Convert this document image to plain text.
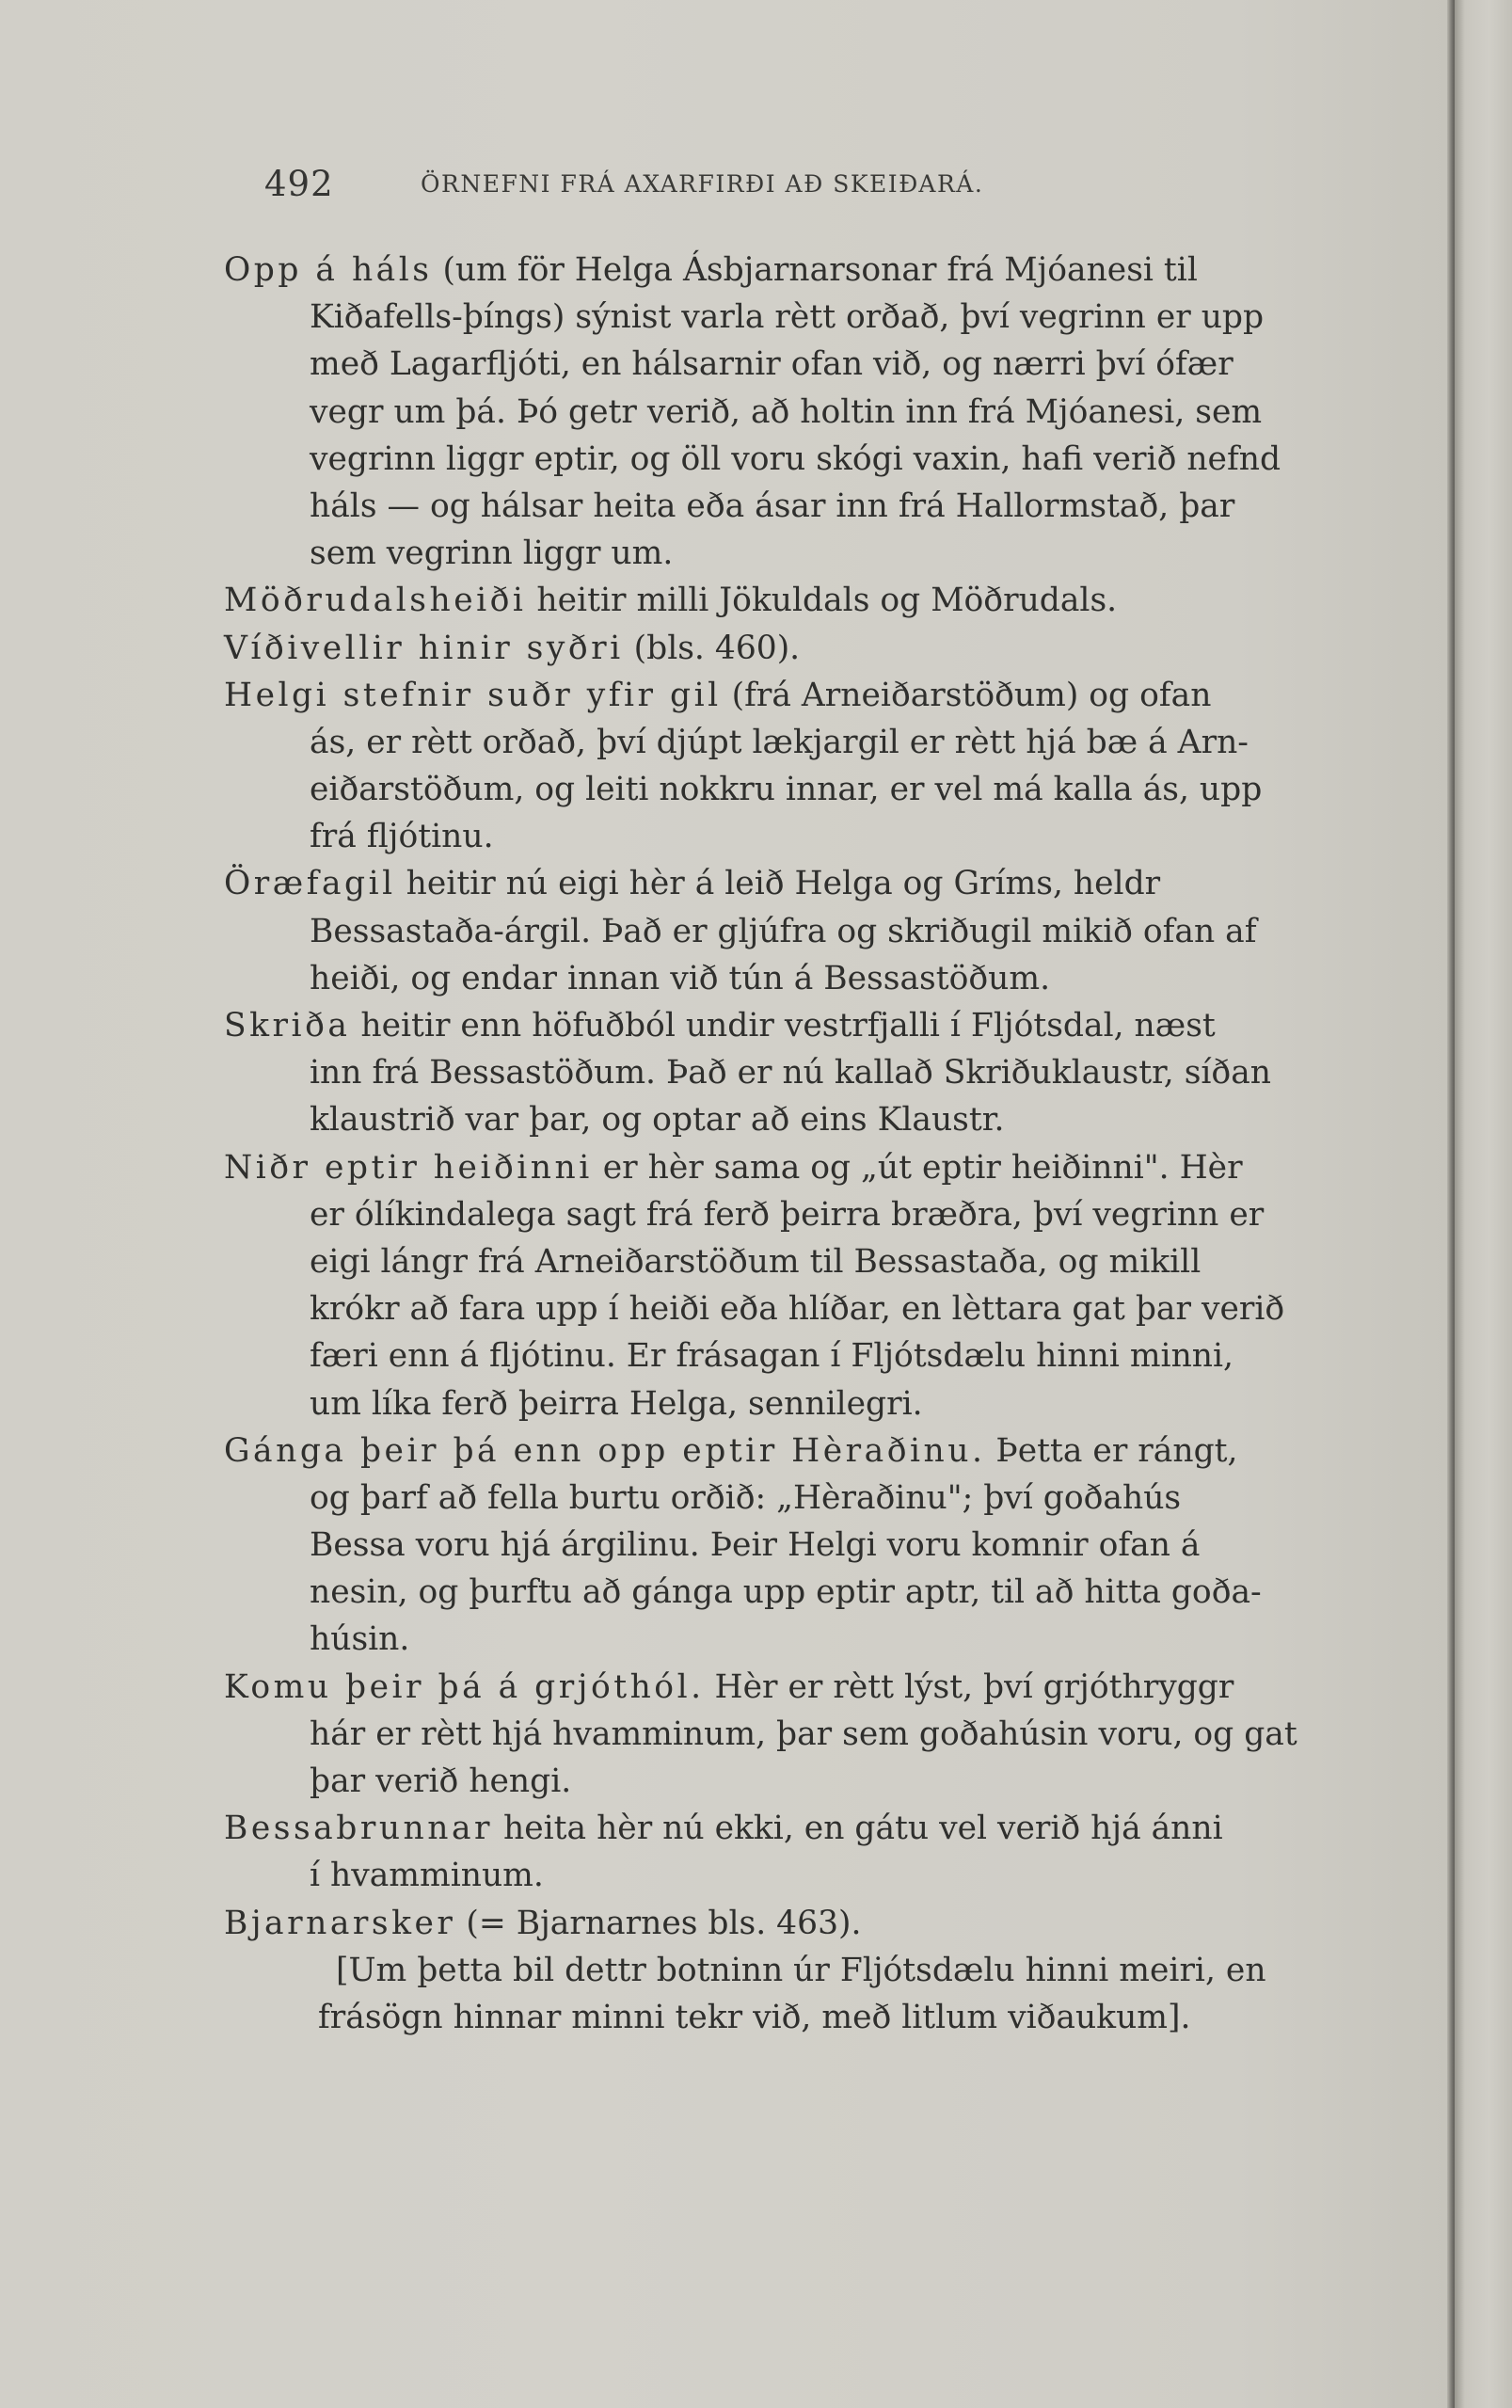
492	ÖRNEFNI FRÁ AXARFIRÐI AÐ SKEIÐARÁ.
Opp á háls (um för Helga Ásbjarnarsonar frá Mjóanesi til
Kiðafells-þíngs) sýnist varla rètt orðað, því vegrinn er upp
með Lagarfljóti, en hálsarnir ofan við, og nærri því ófær
vegr um þá. Þó getr verið, að holtin inn frá Mjóanesi, sem
vegrinn liggr eptir, og öll voru skógi vaxin, hafi verið nefnd
háls — og hálsar heita eða ásar inn frá Hallormstað, þar
sem vegrinn liggr um.
Möðrudalsheiði heitir milli Jökuldals og Möðrudals.
Víðivellir hinir syðri (bls. 460).
Helgi stefnir suðr yfir gil (frá Arneiðarstöðum) og ofan
ás, er rètt orðað, því djúpt lækjargil er rètt hjá bæ á Arn-
eiðarstöðum, og leiti nokkru innar, er vel má kalla ás, upp
frá fljótinu.
Öræfagil heitir nú eigi hèr á leið Helga og Gríms, heldr
Bessastaða-árgil. Það er gljúfra og skriðugil mikið ofan af
heiði, og endar innan við tún á Bessastöðum.
Skriða heitir enn höfuðból undir vestrfjalli í Fljótsdal, næst
inn frá Bessastöðum. Það er nú kallað Skriðuklaustr, síðan
klaustrið var þar, og optar að eins Klaustr.
Niðr eptir heiðinni er hèr sama og „út eptir heiðinni". Hèr
er ólíkindalega sagt frá ferð þeirra bræðra, því vegrinn er
eigi lángr frá Arneiðarstöðum til Bessastaða, og mikill
krókr að fara upp í heiði eða hlíðar, en lèttara gat þar verið
færi enn á fljótinu. Er frásagan í Fljótsdælu hinni minni,
um líka ferð þeirra Helga, sennilegri.
Gánga þeir þá enn opp eptir Hèraðinu. Þetta er rángt,
og þarf að fella burtu orðið: „Hèraðinu"; því goðahús
Bessa voru hjá árgilinu. Þeir Helgi voru komnir ofan á
nesin, og þurftu að gánga upp eptir aptr, til að hitta goða-
húsin.
Komu þeir þá á grjóthól. Hèr er rètt lýst, því grjóthryggr
hár er rètt hjá hvamminum, þar sem goðahúsin voru, og gat
þar verið hengi.
Bessabrunnar heita hèr nú ekki, en gátu vel verið hjá ánni
í hvamminum.
Bjarnarsker (= Bjarnarnes bls. 463).
[Um þetta bil dettr botninn úr Fljótsdælu hinni meiri, en
frásögn hinnar minni tekr við, með litlum viðaukum].
